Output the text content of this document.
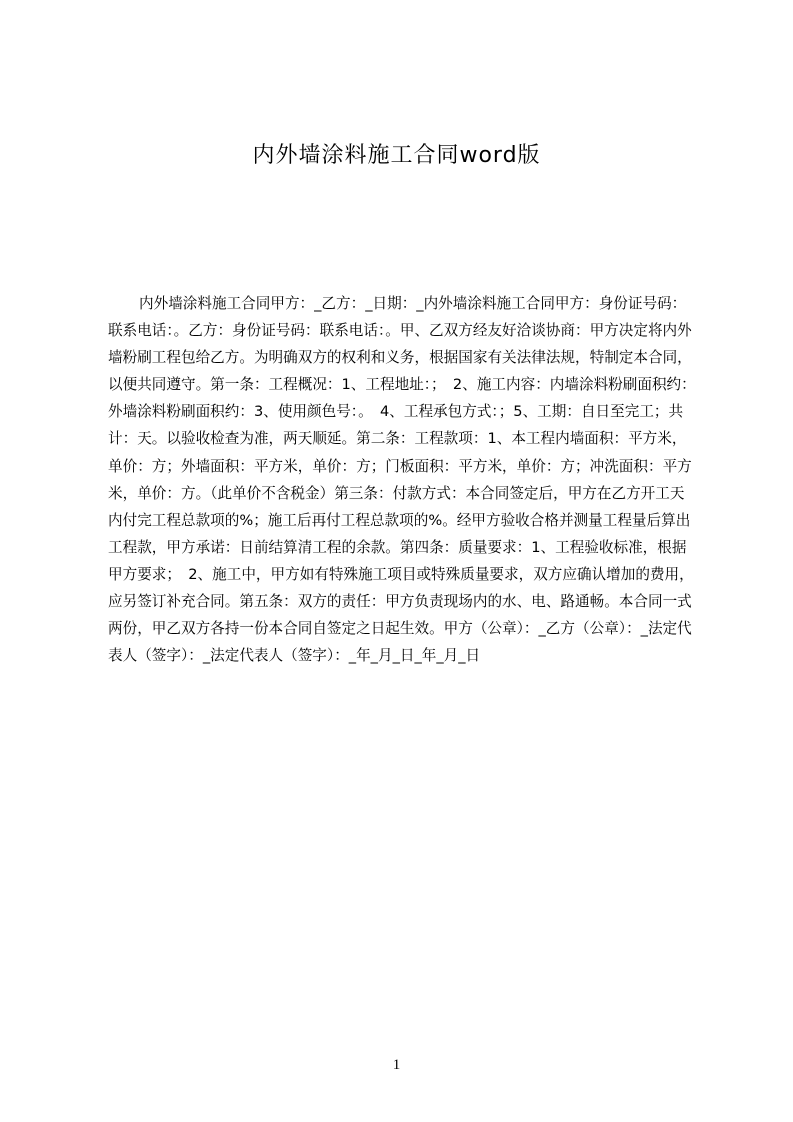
内外墙涂料施工合同word版
内外墙涂料施工合同甲方：_乙方：_日期：_内外墙涂料施工合同甲方：身份证号码：联系电话：。乙方：身份证号码：联系电话：。甲、乙双方经友好洽谈协商：甲方决定将内外墙粉刷工程包给乙方。为明确双方的权利和义务，根据国家有关法律法规，特制定本合同，以便共同遵守。第一条：工程概况：1、工程地址：；　2、施工内容：内墙涂料粉刷面积约：外墙涂料粉刷面积约：3、使用颜色号：。　4、工程承包方式：；5、工期：自日至完工；共计：天。以验收检查为准，两天顺延。第二条：工程款项：1、本工程内墙面积：平方米，单价：方；外墙面积：平方米，单价：方；门板面积：平方米，单价：方；冲洗面积：平方米，单价：方。（此单价不含税金）第三条：付款方式：本合同签定后，甲方在乙方开工天内付完工程总款项的%；施工后再付工程总款项的%。经甲方验收合格并测量工程量后算出工程款，甲方承诺：日前结算清工程的余款。第四条：质量要求：1、工程验收标准，根据甲方要求；　2、施工中，甲方如有特殊施工项目或特殊质量要求，双方应确认增加的费用，应另签订补充合同。第五条：双方的责任：甲方负责现场内的水、电、路通畅。本合同一式两份，甲乙双方各持一份本合同自签定之日起生效。甲方（公章）：_乙方（公章）：_法定代表人（签字）：_法定代表人（签字）：_年_月_日_年_月_日
1
